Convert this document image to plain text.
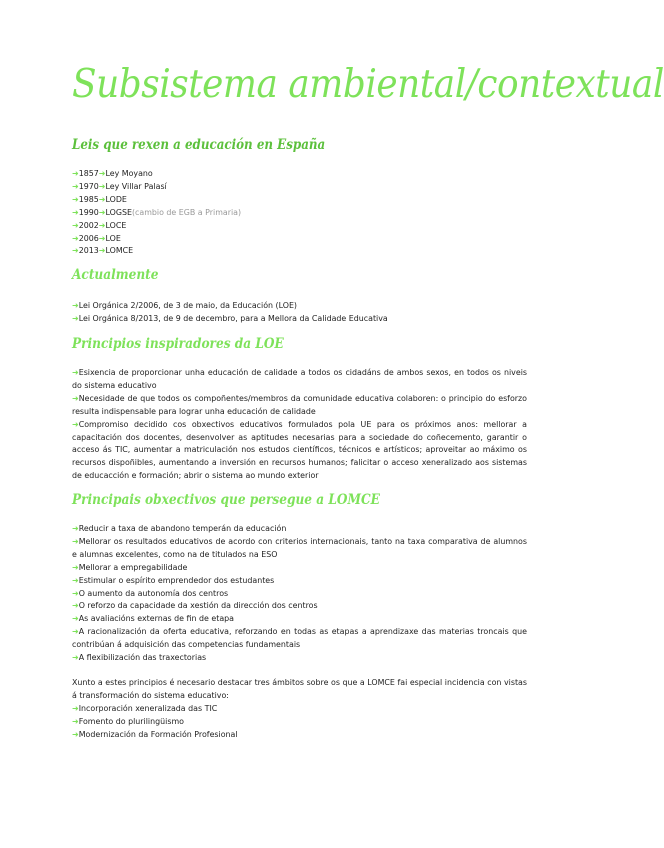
Subsistema ambiental/contextual
Leis que rexen a educación en España
➜1857➜Ley Moyano
➜1970➜Ley Villar Palasí
➜1985➜LODE
➜1990➜LOGSE(cambio de EGB a Primaria)
➜2002➜LOCE
➜2006➜LOE
➜2013➜LOMCE
Actualmente
➜Lei Orgánica 2/2006, de 3 de maio, da Educación (LOE)
➜Lei Orgánica 8/2013, de 9 de decembro, para a Mellora da Calidade Educativa
Principios inspiradores da LOE

➜Esixencia de proporcionar unha educación de calidade a todos os cidadáns de ambos sexos, en todos os niveis do sistema educativo

➜Necesidade de que todos os compoñentes/membros da comunidade educativa colaboren: o principio do esforzo resulta indispensable para lograr unha educación de calidade

➜Compromiso decidido cos obxectivos educativos formulados pola UE para os próximos anos: mellorar a capacitación dos docentes, desenvolver as aptitudes necesarias para a sociedade do coñecemento, garantir o acceso ás TIC, aumentar a matriculación nos estudos científicos, técnicos e artísticos; aproveitar ao máximo os recursos dispoñibles, aumentando a inversión en recursos humanos; falicitar o acceso xeneralizado aos sistemas de educacción e formación; abrir o sistema ao mundo exterior

Principais obxectivos que persegue a LOMCE

➜Reducir a taxa de abandono temperán da educación

➜Mellorar os resultados educativos de acordo con criterios internacionais, tanto na taxa comparativa de alumnos e alumnas excelentes, como na de titulados na ESO

➜Mellorar a empregabilidade

➜Estimular o espírito emprendedor dos estudantes

➜O aumento da autonomía dos centros

➜O reforzo da capacidade da xestión da dirección dos centros

➜As avaliacións externas de fin de etapa

➜A racionalización da oferta educativa, reforzando en todas as etapas a aprendizaxe das materias troncais que contribúan á adquisición das competencias fundamentais

➜A flexibilización das traxectorias

Xunto a estes principios é necesario destacar tres ámbitos sobre os que a LOMCE fai especial incidencia con vistas á transformación do sistema educativo:

➜Incorporación xeneralizada das TIC

➜Fomento do plurilingüismo

➜Modernización da Formación Profesional
